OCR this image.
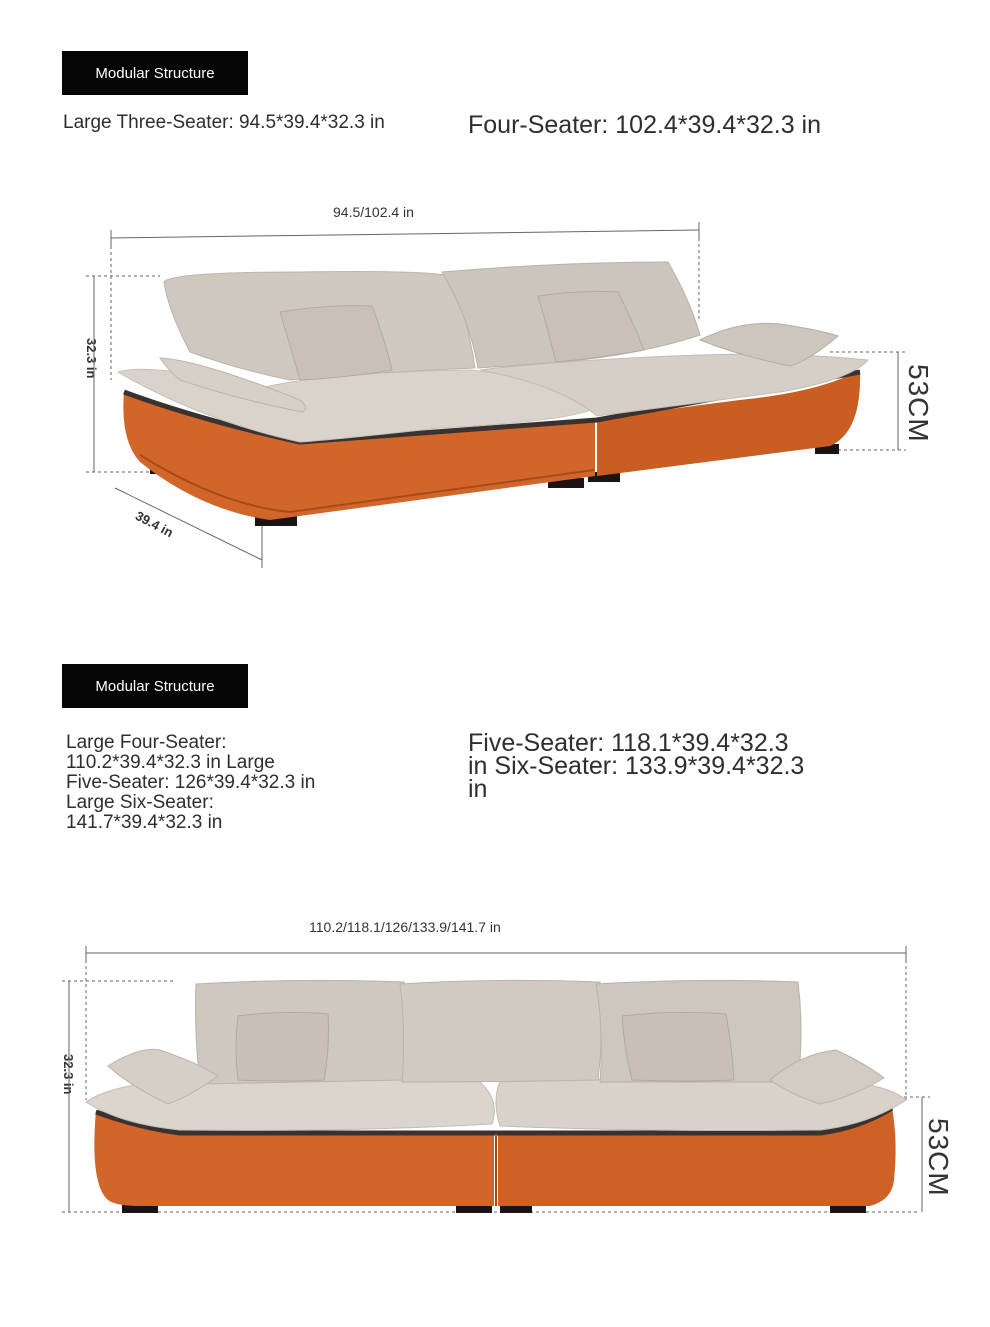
Modular Structure
Large Three-Seater: 94.5*39.4*32.3 in	Four-Seater: 102.4*39.4*32.3 in
94.5/102.4 in
32.3 in
39.4 in
53CM
Modular Structure
Large Four-Seater:
110.2*39.4*32.3 in Large
Five-Seater: 126*39.4*32.3 in
Large Six-Seater:
141.7*39.4*32.3 in
Five-Seater: 118.1*39.4*32.3
in Six-Seater: 133.9*39.4*32.3
in
110.2/118.1/126/133.9/141.7 in
32.3 in
53CM
